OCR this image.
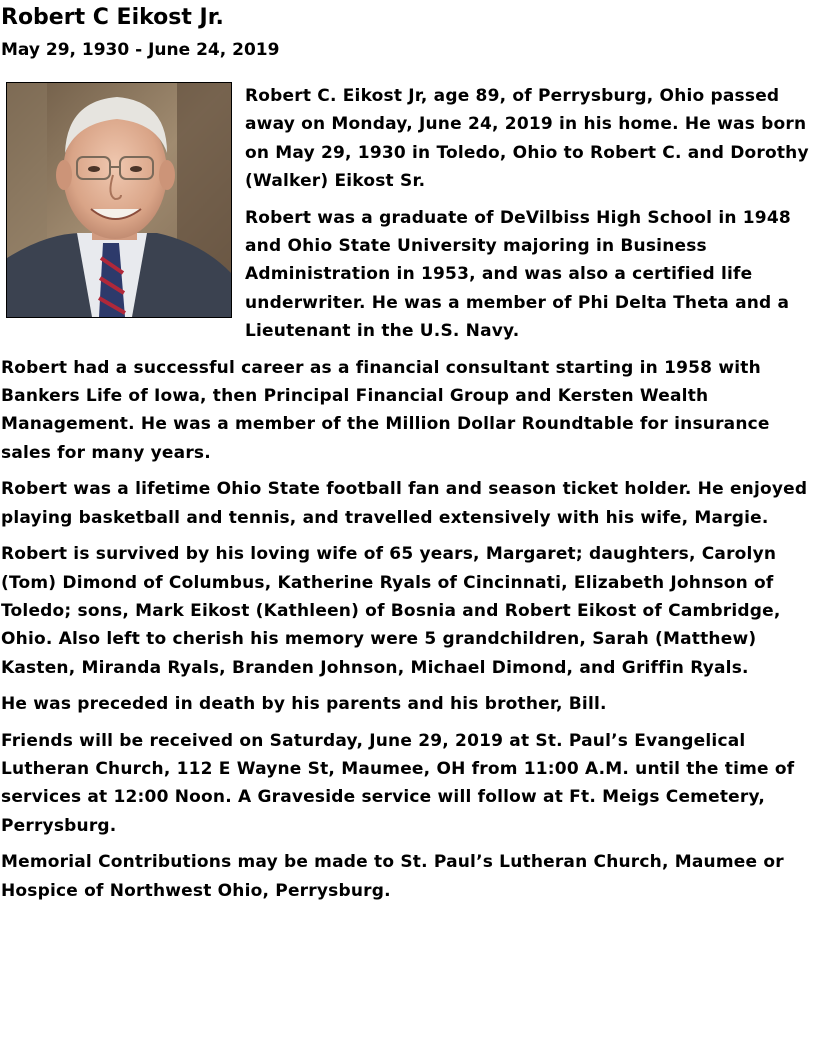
Robert C Eikost Jr.
May 29, 1930 - June 24, 2019

Robert C. Eikost Jr, age 89, of Perrysburg, Ohio passed away on Monday, June 24, 2019 in his home. He was born on May 29, 1930 in Toledo, Ohio to Robert C. and Dorothy (Walker) Eikost Sr.

Robert was a graduate of DeVilbiss High School in 1948 and Ohio State University majoring in Business Administration in 1953, and was also a certified life underwriter. He was a member of Phi Delta Theta and a Lieutenant in the U.S. Navy.

Robert had a successful career as a financial consultant starting in 1958 with Bankers Life of Iowa, then Principal Financial Group and Kersten Wealth Management. He was a member of the Million Dollar Roundtable for insurance sales for many years.

Robert was a lifetime Ohio State football fan and season ticket holder. He enjoyed playing basketball and tennis, and travelled extensively with his wife, Margie.

Robert is survived by his loving wife of 65 years, Margaret; daughters, Carolyn (Tom) Dimond of Columbus, Katherine Ryals of Cincinnati, Elizabeth Johnson of Toledo; sons, Mark Eikost (Kathleen) of Bosnia and Robert Eikost of Cambridge, Ohio. Also left to cherish his memory were 5 grandchildren, Sarah (Matthew) Kasten, Miranda Ryals, Branden Johnson, Michael Dimond, and Griffin Ryals.

He was preceded in death by his parents and his brother, Bill.

Friends will be received on Saturday, June 29, 2019 at St. Paul’s Evangelical Lutheran Church, 112 E Wayne St, Maumee, OH from 11:00 A.M. until the time of services at 12:00 Noon. A Graveside service will follow at Ft. Meigs Cemetery, Perrysburg.

Memorial Contributions may be made to St. Paul’s Lutheran Church, Maumee or Hospice of Northwest Ohio, Perrysburg.
